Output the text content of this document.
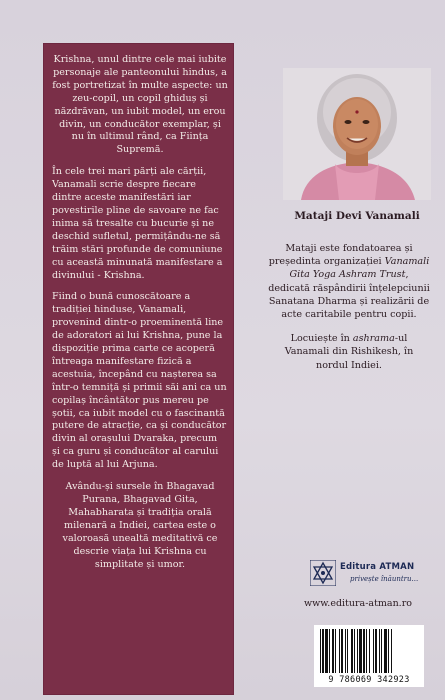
Krishna, unul dintre cele mai iubite personaje ale panteonului hindus, a fost portretizat în multe aspecte: un zeu-copil, un copil ghiduș și năzdrăvan, un iubit model, un erou divin, un conducător exemplar, și nu în ultimul rând, ca Ființa Supremă.

În cele trei mari părți ale cărții, Vanamali scrie despre fiecare dintre aceste manifestări iar povestirile pline de savoare ne fac inima să tresalte cu bucurie și ne deschid sufletul, permițându-ne să trăim stări profunde de comuniune cu această minunată manifestare a divinului - Krishna.

Fiind o bună cunoscătoare a tradiției hinduse, Vanamali, provenind dintr-o proeminentă line de adoratori ai lui Krishna, pune la dispoziție prima carte ce acoperă întreaga manifestare fizică a acestuia, începând cu nașterea sa într-o temniță și primii săi ani ca un copilaș încântător pus mereu pe șotii, ca iubit model cu o fascinantă putere de atracție, ca și conducător divin al orașului Dvaraka, precum și ca guru și conducător al carului de luptă al lui Arjuna.

Avându-și sursele în Bhagavad Purana, Bhagavad Gita, Mahabharata și tradiția orală milenară a Indiei, cartea este o valoroasă unealtă meditativă ce descrie viața lui Krishna cu simplitate și umor.

Mataji Devi Vanamali

Mataji este fondatoarea și președinta organizației Vanamali Gita Yoga Ashram Trust, dedicată răspândirii înțelepciunii Sanatana Dharma și realizării de acte caritabile pentru copii.

Locuiește în ashrama-ul Vanamali din Rishikesh, în nordul Indiei.

Editura ATMAN
privește înăuntru...
www.editura-atman.ro
9 786069 342923
